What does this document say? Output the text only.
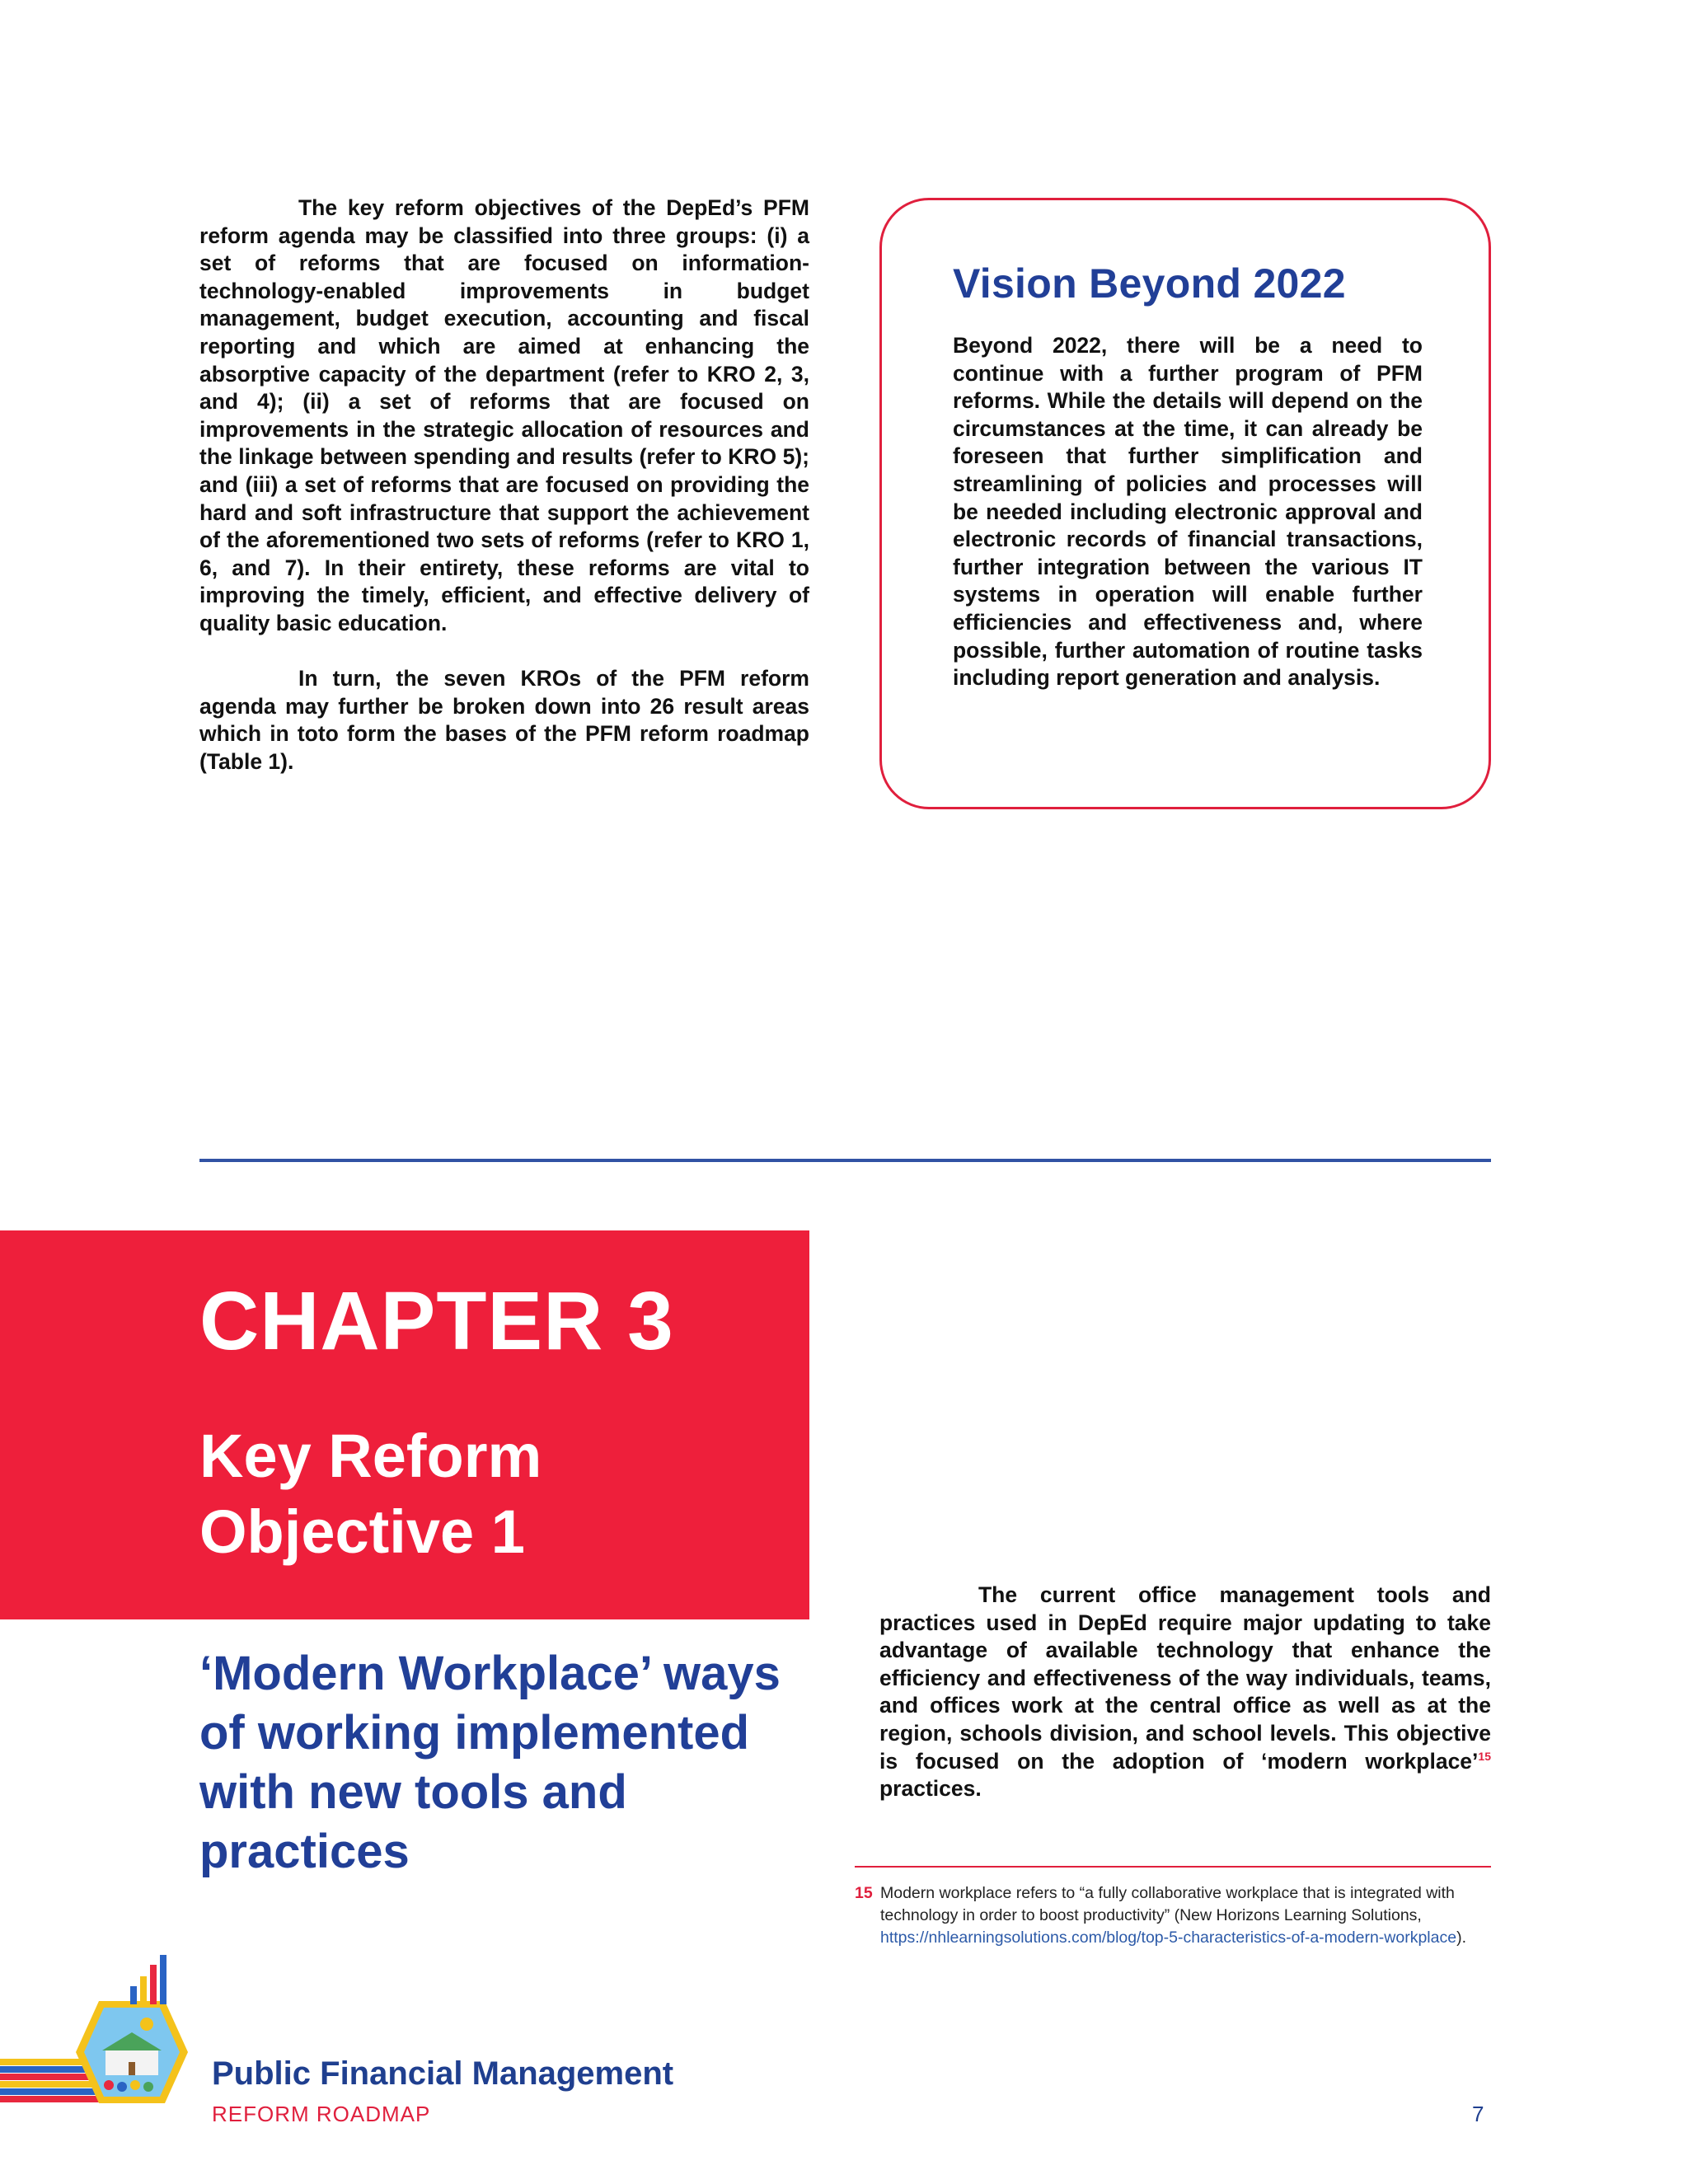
The key reform objectives of the DepEd’s PFM reform agenda may be classified into three groups: (i) a set of reforms that are focused on information-technology-enabled improvements in budget management, budget execution, accounting and fiscal reporting and which are aimed at enhancing the absorptive capacity of the department (refer to KRO 2, 3, and 4); (ii) a set of reforms that are focused on improvements in the strategic allocation of resources and the linkage between spending and results (refer to KRO 5); and (iii) a set of reforms that are focused on providing the hard and soft infrastructure that support the achievement of the aforementioned two sets of reforms (refer to KRO 1, 6, and 7). In their entirety, these reforms are vital to improving the timely, efficient, and effective delivery of quality basic education.

In turn, the seven KROs of the PFM reform agenda may further be broken down into 26 result areas which in toto form the bases of the PFM reform roadmap (Table 1).

Vision Beyond 2022
Beyond 2022, there will be a need to continue with a further program of PFM reforms. While the details will depend on the circumstances at the time, it can already be foreseen that further simplification and streamlining of policies and processes will be needed including electronic approval and electronic records of financial transactions, further integration between the various IT systems in operation will enable further efficiencies and effectiveness and, where possible, further automation of routine tasks including report generation and analysis.
CHAPTER 3
Key Reform
Objective 1
‘Modern Workplace’ ways of working implemented with new tools and practices
The current office management tools and practices used in DepEd require major updating to take advantage of available technology that enhance the efficiency and effectiveness of the way individuals, teams, and offices work at the central office as well as at the region, schools division, and school levels. This objective is focused on the adoption of ‘modern workplace’$^{15}$ practices.
15 Modern workplace refers to “a fully collaborative workplace that is integrated with technology in order to boost productivity” (New Horizons Learning Solutions, https://nhlearningsolutions.com/blog/top-5-characteristics-of-a-modern-workplace).
Public Financial Management
REFORM ROADMAP	7
